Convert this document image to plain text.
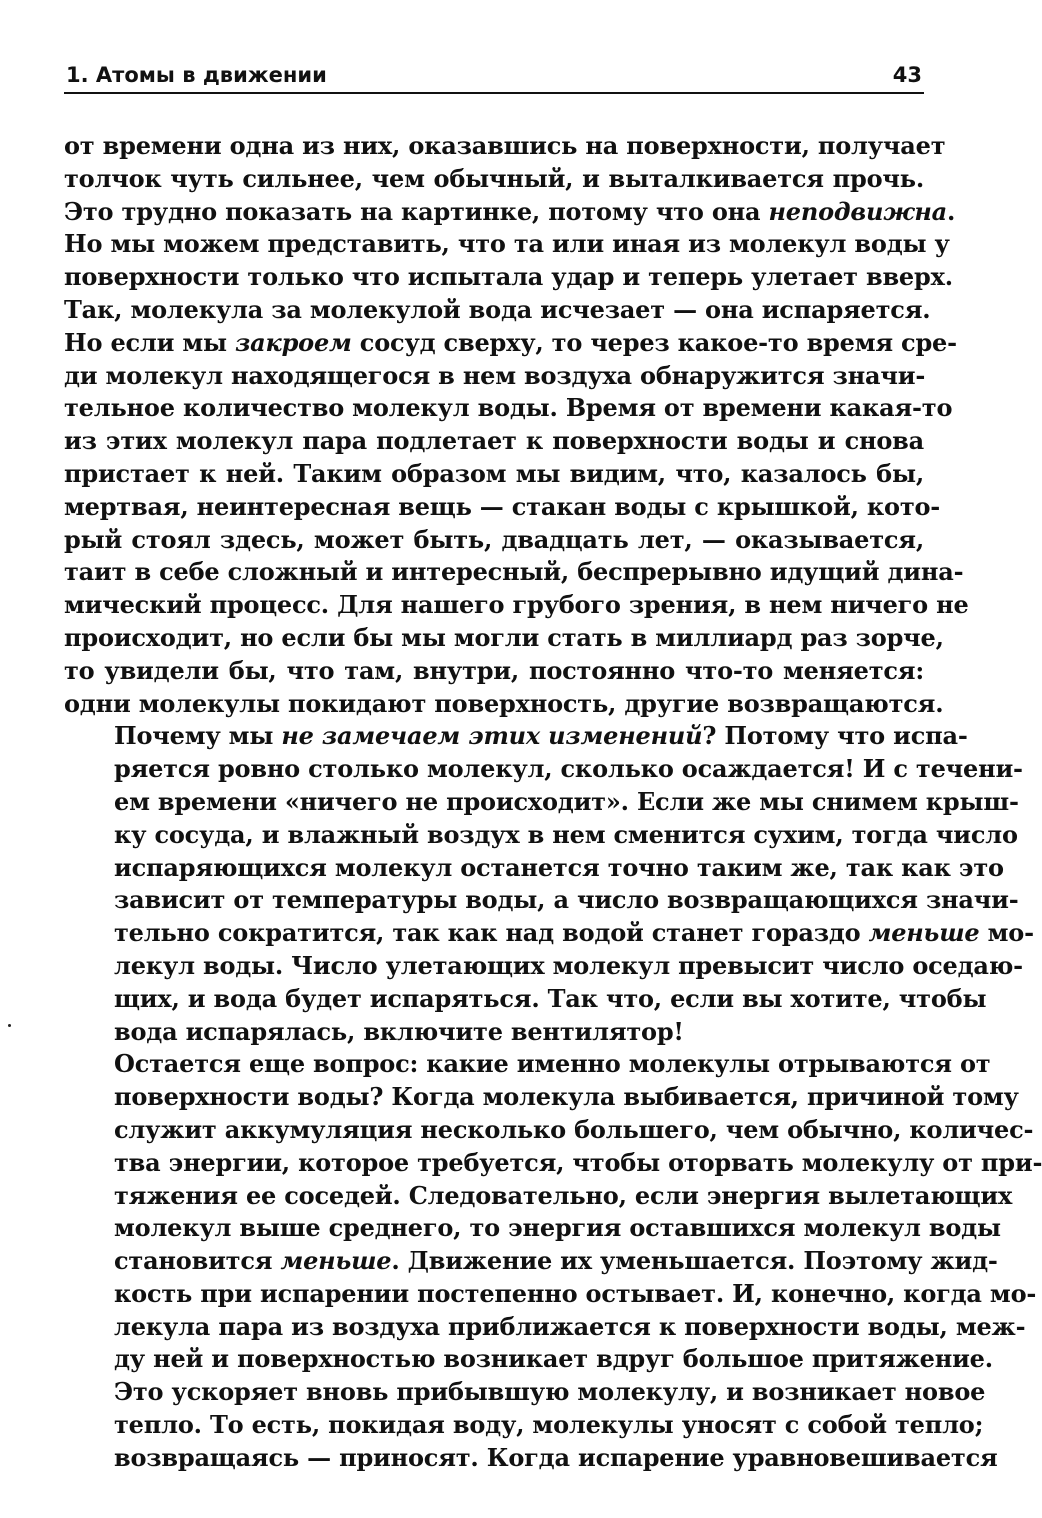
1. Атомы в движении	43
от времени одна из них, оказавшись на поверхности, получает
толчок чуть сильнее, чем обычный, и выталкивается прочь.
Это трудно показать на картинке, потому что она неподвижна.
Но мы можем представить, что та или иная из молекул воды у
поверхности только что испытала удар и теперь улетает вверх.
Так, молекула за молекулой вода исчезает — она испаряется.
Но если мы закроем сосуд сверху, то через какое-то время сре-
ди молекул находящегося в нем воздуха обнаружится значи-
тельное количество молекул воды. Время от времени какая-то
из этих молекул пара подлетает к поверхности воды и снова
пристает к ней. Таким образом мы видим, что, казалось бы,
мертвая, неинтересная вещь — стакан воды с крышкой, кото-
рый стоял здесь, может быть, двадцать лет, — оказывается,
таит в себе сложный и интересный, беспрерывно идущий дина-
мический процесс. Для нашего грубого зрения, в нем ничего не
происходит, но если бы мы могли стать в миллиард раз зорче,
то увидели бы, что там, внутри, постоянно что-то меняется:
одни молекулы покидают поверхность, другие возвращаются.
Почему мы не замечаем этих изменений? Потому что испа-
ряется ровно столько молекул, сколько осаждается! И с течени-
ем времени «ничего не происходит». Если же мы снимем крыш-
ку сосуда, и влажный воздух в нем сменится сухим, тогда число
испаряющихся молекул останется точно таким же, так как это
зависит от температуры воды, а число возвращающихся значи-
тельно сократится, так как над водой станет гораздо меньше мо-
лекул воды. Число улетающих молекул превысит число оседаю-
щих, и вода будет испаряться. Так что, если вы хотите, чтобы
вода испарялась, включите вентилятор!
Остается еще вопрос: какие именно молекулы отрываются от
поверхности воды? Когда молекула выбивается, причиной тому
служит аккумуляция несколько большего, чем обычно, количес-
тва энергии, которое требуется, чтобы оторвать молекулу от при-
тяжения ее соседей. Следовательно, если энергия вылетающих
молекул выше среднего, то энергия оставшихся молекул воды
становится меньше. Движение их уменьшается. Поэтому жид-
кость при испарении постепенно остывает. И, конечно, когда мо-
лекула пара из воздуха приближается к поверхности воды, меж-
ду ней и поверхностью возникает вдруг большое притяжение.
Это ускоряет вновь прибывшую молекулу, и возникает новое
тепло. То есть, покидая воду, молекулы уносят с собой тепло;
возвращаясь — приносят. Когда испарение уравновешивается
